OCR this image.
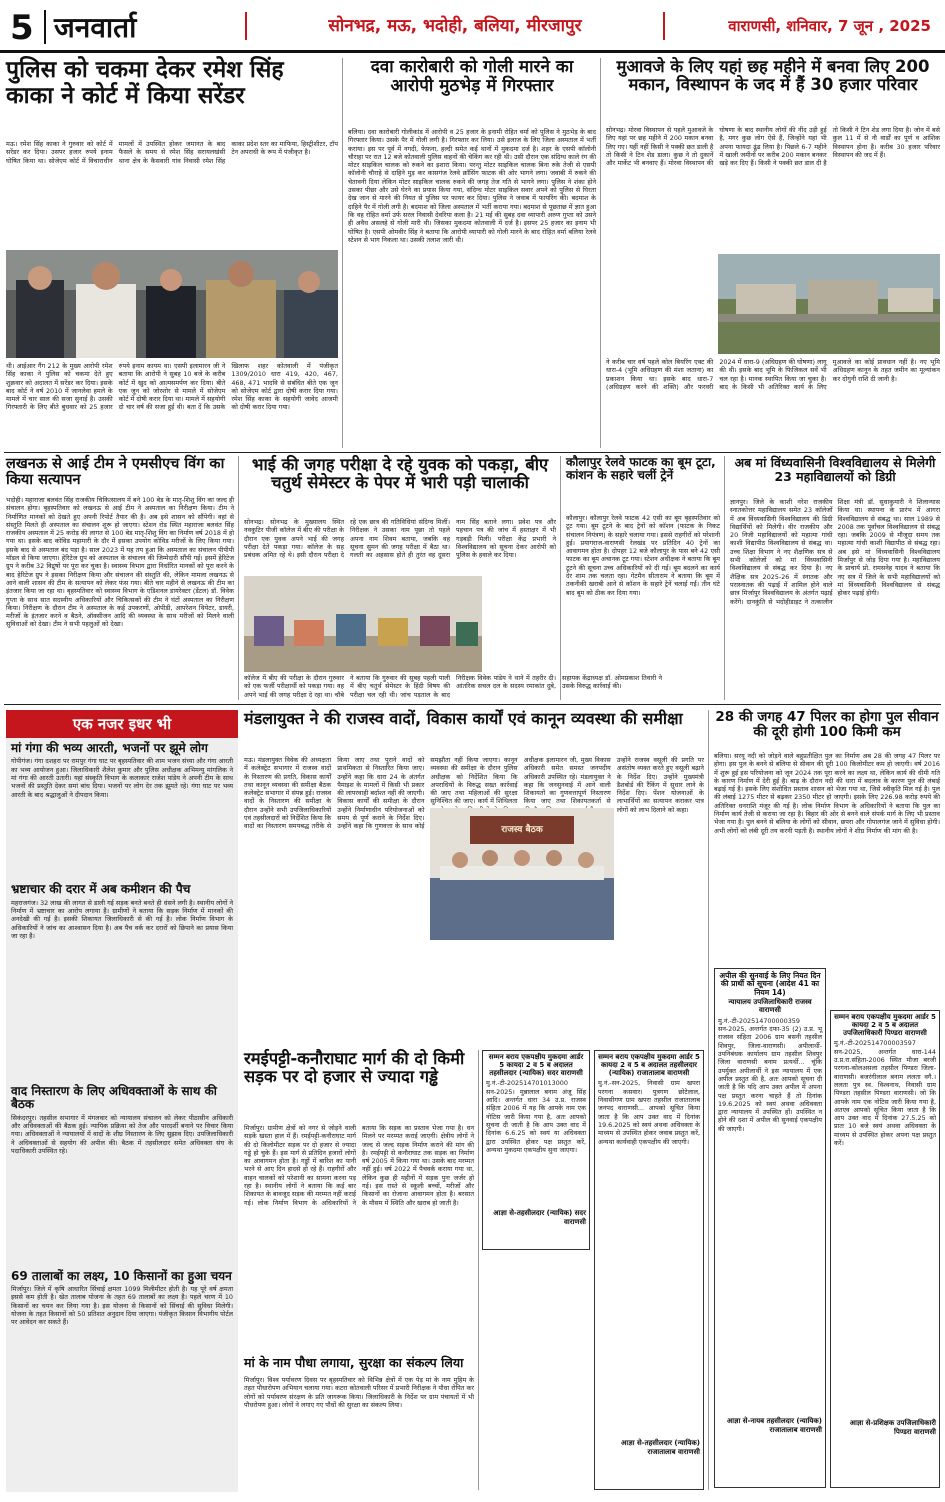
5 जनवार्ता	सोनभद्र, मऊ, भदोही, बलिया, मीरजापुर	वाराणसी, शनिवार, 7 जून , 2025
पुलिस को चकमा देकर रमेश सिंह काका ने कोर्ट में किया सरेंडर
मऊ। रमेश सिंह काका ने गुरुवार को कोर्ट में सरेंडर कर दिया। उसपर हजार रुपये इनाम घोषित किया था। सोजेएम कोर्ट में विचाराधीन मामलों में उपस्थित होकर जमानत के बाद फैसले के समय से रमेश सिंह सरायलखंसी थाना क्षेत्र के कैसवारी गांव निवासी रमेश सिंह काका प्रदेश स्तर का माफिया, हिस्ट्रीशीटर, टॉप टेन अपराधी के रूप में पंजीकृत है।
थी। आईआर गैंग 212 के मुख्य आरोपी रमेश सिंह काका ने पुलिस को चकमा देते हुए शुक्रवार को अदालत में सरेंडर कर दिया। इसके बाद कोर्ट ने वर्ष 2010 में जानलेवा हमले के मामले में चार साल की सजा सुनाई है। उसकी गिरफ्तारी के लिए बीते बुधवार को 25 हजार रुपये इनाम कायम था। एसपी इलामारन जी ने बताया कि आरोपी ने सुबह 10 बजे के करीब कोर्ट में खुद को आत्मसमर्पण कर दिया। बीते एक जून को जोरशोर से मामले में सोजेएम कोर्ट में दोषी करार दिया था। मामले में सहयोगी दो चार वर्ष की सजा हुई थी। बता दें कि उसके खिलाफ शहर कोतवाली में पंजीकृत 1309/2010 धारा 419, 420, 467, 468, 471 भादवि से संबंधित बीते एक जून को सोजेएम कोर्ट द्वारा दोषी करार दिया गया। रमेश सिंह काका के सहयोगी जावेद आजमी को दोषी करार दिया गया।
दवा कारोबारी को गोली मारने का आरोपी मुठभेड़ में गिरफ्तार
बलिया। दवा कारोबारी गोलीकांड में आरोपी व 25 हजार के इनामी रोहित वर्मा को पुलिस ने मुठभेड़ के बाद गिरफ्तार किया। उसके पैर में गोली लगी है। गिरफ्तार कर लिया। उसे इलाज के लिए जिला अस्पताल में भर्ती कराया। इस पर पूर्व में नगदी, फेफना, हल्दी समेत कई थानों में मुकदमा दर्ज है। शहर के एसपी कॉलोनी चौराहा पर रात 12 बजे कोतवाली पुलिस वाहनों की चेकिंग कर रही थी। उसी दौरान एक संदिग्ध काले रंग की मोटर साइकिल चालक को रुकने का इशारा किया। परन्तु मोटर साइकिल चालक बिना रुके तेजी से एसपी कॉलोनी चौराहे से दाहिने मुड़ कर कासगंज रेलवे क्रॉसिंग फाटक की ओर भागने लगा। जवाबी में रुकने की चेतावनी दिया लेकिन मोटर साइकिल चालक रुकने की जगह तेज गति से भागने लगा। पुलिस ने शंका होने उसका पीछा और उसे घेरने का प्रयास किया गया, संदिग्ध मोटर साइकिल सवार अपने को पुलिस से घिरता देख जान से मारने की नियत से पुलिस पर फायर कर दिया। पुलिस ने जवाब में फायरिंग की। बदमाश के दाहिने पैर में गोली लगी है। बदमाश को जिला अस्पताल में भर्ती कराया गया। बदमाश से पूछताछ में ज्ञात हुआ कि वह रोहित वर्मा उर्फ सरल निवासी देवरिया कला है। 21 मई की सुबह दवा व्यापारी अरुण गुप्ता को उसने ही अवैध असलहे से गोली मारी थी। जिसका मुकदमा कोतवाली में दर्ज है। इसपर 25 हजार का इनाम भी घोषित है। एसपी ओमवीर सिंह ने बताया कि आरोपी व्यापारी को गोली मारने के बाद रोहित वर्मा बलिया रेलवे स्टेशन से भाग निकला था। उसकी तलाश जारी थी।
मुआवजे के लिए यहां छह महीने में बनवा लिए 200 मकान, विस्थापन के जद में हैं 30 हजार परिवार
सोनभद्र। मोरवा विस्थापन से पहले मुआवजे के लिए यहां पर छह महीने में 200 मकान बनवा लिए गए। यहीं नहीं किसी ने पक्की छत डाली है तो किसी ने टिन शेड डाला। कुछ ने तो दुकानें और मार्केट भी बनवाए हैं। मोरवा विस्थापन की घोषणा के बाद स्थानीय लोगों की नींद उड़ी हुई है, मगर कुछ लोग ऐसे हैं, जिन्होंने यहां भी अपना फायदा ढूंढ लिया है। पिछले 6-7 महीने में खाली जमीनों पर करीब 200 मकान बनकर खड़े कर दिए हैं। किसी ने पक्की छत डाल दी है तो किसी ने टिन शेड लगा दिया है। जोन में बसे कुल 11 में से नौ वार्डों का पूर्ण व आंशिक विस्थापन होना है। करीब 30 हजार परिवार विस्थापन की जद में हैं।
ने करीब चार वर्ष पहले कोल बियरिंग एक्ट की धारा-4 (भूमि अधिग्रहण की मंशा जताना) का प्रकाशन किया था। इसके बाद धारा-7 (अधिग्रहण करने की शक्ति) और फरवरी 2024 में धारा-9 (अधिग्रहण की घोषणा) लागू की थी। इसके बाद भूमि के फिजिकल सर्वे भी चल रहा है। मानक स्थापित किया जा चुका है। बाद के किसी भी अतिरिक्त कार्य के लिए मुआवजे का कोई प्रावधान नहीं है। नए भूमि अधिग्रहण कानून के तहत जमीन का मूल्यांकन कर दोगुनी राशि दी जानी है।
लखनऊ से आई टीम ने एमसीएच विंग का किया सत्यापन
भदोही। महाराजा बलवंत सिंह राजकीय चिकित्सालय में बने 100 बेड के मातृ-शिशु विंग का जल्द ही संचालन होगा। बृहस्पतिवार को लखनऊ से आई टीम ने अस्पताल का निरीक्षण किया। टीम ने निर्माणित मानकों को देखते हुए अपनी रिपोर्ट तैयार की है। अब इसे शासन को सौंपेगी। वहां से संस्तुति मिलते ही अस्पताल का संचालन शुरू हो जाएगा। स्टेशन रोड स्थित महाराजा बलवंत सिंह राजकीय अस्पताल में 25 करोड़ की लागत से 100 बेड मातृ-शिशु विंग का निर्माण वर्ष 2018 में हो गया था। इसके बाद कोविड महामारी के दौर में इसका उपयोग कोविड मरीजों के लिए किया गया। इसके बाद से अस्पताल बंद पड़ा है। साल 2023 में यह तय हुआ कि अस्पताल का संचालन पीपीपी मॉडल से किया जाएगा। हेरिटेज ग्रुप को अस्पताल के संचालन की जिम्मेदारी सौंपी गई। इसमें हेरिटेज ग्रुप ने करीब 32 विद्रुषों पर पूरा कर चुका है। स्वास्थ्य विभाग द्वारा निर्धारित मानकों को पूरा करने के बाद हेरिटेज ग्रुप ने इसका निरीक्षण किया और संचालन की संस्तुति की, लेकिन मामला लखनऊ से आने वाली शासन की टीम के सत्यापन को लेकर फंस गया। बीते चार महीने से लखनऊ की टीम का इंतजार किया जा रहा था। बृहस्पतिवार को स्वास्थ्य विभाग के एडिशनल डायरेक्टर (डेंटल) डॉ. विवेक गुप्ता के साथ सात सदस्यीय अधिकारियों और चिकित्सकों की टीम ने घंटों अस्पताल का निरीक्षण किया। निरीक्षण के दौरान टीम ने अस्पताल के कई उपकरणों, ओपीडी, आपरेशन थियेटर, डायरी, मरीजों के इंतजार करने व बैठने, ऑक्सीजन आदि की व्यवस्था के साथ मरीजों को मिलने वाली सुविधाओं को देखा। टीम ने सभी पहलुओं को देखा।
भाई की जगह परीक्षा दे रहे युवक को पकड़ा, बीए चतुर्थ सेमेस्टर के पेपर में भारी पड़ी चालाकी
सोनभद्र। सोनभद्र के मुख्यालय स्थित नवकुटिर पीजी कॉलेज में बीए की परीक्षा के दौरान एक युवक अपने भाई की जगह परीक्षा देते पकड़ा गया। कॉलेज के सह प्रबंधक अमित रहे थे। इसी दौरान परीक्षा दे रहे एक छात्र की गतिविधियां संदिग्ध मिलीं। निरीक्षक ने उसका नाम पूछा तो पहले अपना नाम शिवम बताया, जबकि वह सूचना सुमन की जगह परीक्षा में बैठा था। गलती का अहसास होते ही तुरंत वह दूसरा नाम सिंह बताने लगा। प्रवेश पत्र और पहचान पत्र की जांच में हस्ताक्षर में भी गड़बड़ी मिली। परीक्षा केंद्र प्रभारी ने विश्वविद्यालय को सूचना देकर आरोपी को पुलिस के हवाले कर दिया।
कॉलेज में बीए की परीक्षा के दौरान गुरुवार को एक फर्जी परीक्षार्थी को पकड़ा गया। वह अपने भाई की जगह परीक्षा दे रहा था। चौबे ने बताया कि गुरुवार की सुबह पहली पाली में बीए चतुर्थ सेमेस्टर के हिंदी विषय की परीक्षा चल रही थी। जांच पड़ताल के बाद निरीक्षक विवेक पांडेय ने थाने में तहरीर दी। आंतरिक सचल दल के सदस्य रमाकांत दुबे, सहायक केंद्राध्यक्ष डॉ. ओमप्रकाश तिवारी ने उसके विरुद्ध कार्रवाई की।
कौलापुर रेलवे फाटक का बूम टूटा, कांशन के सहारे चलीं ट्रेनें
कौलापुर। कौलापुर रेलवे फाटक 42 एसी का बूम बृहस्पतिवार को टूट गया। बूम टूटने के बाद ट्रेनों को कॉशन (फाटक के निकट संचालन नियंत्रण) के सहारे चलाया गया। इससे राहगीरों को परेशानी हुई। प्रयागराज-वाराणसी रेलखंड पर प्रतिदिन 40 ट्रेनों का आवागमन होता है। दोपहर 12 बजे कौलापुर के पास बने 42 एसी फाटक का बूम अचानक टूट गया। स्टेशन अधीक्षक ने बताया कि बूम टूटने की सूचना उच्च अधिकारियों को दी गई। बूम बदलने का कार्य देर शाम तक चलता रहा। गेटमैन सीताराम ने बताया कि बूम में तकनीकी खराबी आने से कॉशन के सहारे ट्रेनें चलाई गईं। तीन घंटे बाद बूम को ठीक कर दिया गया।
अब मां विंध्यवासिनी विश्वविद्यालय से मिलेगी 23 महाविद्यालयों को डिग्री
ज्ञानपुर। जिले के काशी नरेश राजकीय स्नातकोत्तर महाविद्यालय समेत 23 कॉलेजों में अब विंध्यवासिनी विश्वविद्यालय की डिग्री विद्यार्थियों को मिलेगी। वीर राजकीय और 20 निजी महाविद्यालयों को महात्मा गांधी काशी विद्यापीठ विश्वविद्यालय से संबद्ध था। उच्च शिक्षा विभाग ने नए शैक्षणिक सत्र से सभी कॉलेजों को मां विंध्यवासिनी विश्वविद्यालय से संबद्ध कर दिया है। नए शैक्षिक सत्र 2025-26 में स्नातक और परास्नातक की पढ़ाई में शामिल होने वाले छात्र मिर्जापुर विश्वविद्यालय के अंतर्गत पढ़ाई करेंगे। दानकुंति से भदोहीडाइट ने तत्कालीन शिक्षा मंत्री डॉ. सुधाकुमारी ने शिलान्यास किया था। स्थापना के प्रारंभ में आगरा विश्वविद्यालय से संबद्ध था। साल 1989 से 2008 तक पूर्वांचल विश्वविद्यालय से संबद्ध रहा। जबकि 2009 से मौजूदा समय तक महात्मा गांधी काशी विद्यापीठ से संबद्ध रहा। अब इसे मां विंध्यवासिनी विश्वविद्यालय मिर्जापुर से जोड़ दिया गया है। महाविद्यालय के प्राचार्य प्रो. रामसनेह यादव ने बताया कि नए सत्र में जिले के सभी महाविद्यालयों को मां विंध्यवासिनी विश्वविद्यालय से संबद्ध होकर पढ़ाई होगी।
एक नजर इधर भी
मां गंगा की भव्य आरती, भजनों पर झूमे लोग
गोपीगंज। गंगा दशहरा पर रामपुर गंगा घाट पर बृहस्पतिवार की शाम भजन संध्या और गंगा आरती का भव्य आयोजन हुआ। जिलाधिकारी शैलेश कुमार और पुलिस अधीक्षक अभिमन्यु मांगलिक ने मां गंगा की आरती उतारी। यहां संस्कृति विभाग के कलाकार राजेश पांडेय ने अपनी टीम के साथ भजनों की प्रस्तुति देकर समां बांध दिया। भजनों पर लोग देर तक झूमते रहे। गंगा घाट पर भव्य आरती के बाद श्रद्धालुओं ने दीपदान किया।
भ्रष्टाचार की दरार में अब कमीशन की पैच
महराजगंज। 32 लाख की लागत से डाली गई सड़क बनते बनते ही धंसने लगी है। स्थानीय लोगों ने निर्माण में भ्रष्टाचार का आरोप लगाया है। ग्रामीणों ने बताया कि सड़क निर्माण में मानकों की अनदेखी की गई है। इसकी शिकायत जिलाधिकारी से की गई है। लोक निर्माण विभाग के अधिकारियों ने जांच का आश्वासन दिया है। अब पैच वर्क कर दरारों को छिपाने का प्रयास किया जा रहा है।
वाद निस्तारण के लिए अधिवक्ताओं के साथ की बैठक
सिकंदरपुर। तहसील सभागार में मंगलवार को न्यायालय संचालन को लेकर पीठासीन अधिकारी और अधिवक्ताओं की बैठक हुई। न्यायिक प्रक्रिया को तेज और पारदर्शी बनाने पर विचार किया गया। अधिवक्ताओं ने न्यायालयों में वादों के शीघ्र निस्तारण के लिए सुझाव दिए। उपजिलाधिकारी ने अधिवक्ताओं से सहयोग की अपील की। बैठक में तहसीलदार समेत अधिवक्ता संघ के पदाधिकारी उपस्थित रहे।
69 तालाबों का लक्ष्य, 10 किसानों का हुआ चयन
मिर्जापुर। जिले में कृषि आधारित सिंचाई क्षमता 1099 मिलीमीटर होती है। यह पूरे वर्ष क्षमता इससे कम होती है। खेत तालाब योजना के तहत 69 तालाबों का लक्ष्य है। पहले चरण में 10 किसानों का चयन कर लिया गया है। इस योजना से किसानों को सिंचाई की सुविधा मिलेगी। योजना के तहत किसानों को 50 प्रतिशत अनुदान दिया जाएगा। पंजीकृत किसान विभागीय पोर्टल पर आवेदन कर सकते हैं।
मंडलायुक्त ने की राजस्व वादों, विकास कार्यों एवं कानून व्यवस्था की समीक्षा
मऊ। मंडलायुक्त विवेक की अध्यक्षता में कलेक्ट्रेट सभागार में राजस्व वादों के निस्तारण की प्रगति, विकास कार्यों तथा कानून व्यवस्था की समीक्षा बैठक कलेक्ट्रेट सभागार में संपन्न हुई। राजस्व वादों के निस्तारण की समीक्षा के दौरान उन्होंने सभी उपजिलाधिकारियों एवं तहसीलदारों को निर्देशित किया कि वादों का निस्तारण समयबद्ध तरीके से किया जाए तथा पुराने वादों को प्राथमिकता से निस्तारित किया जाए। उन्होंने कहा कि धारा 24 के अंतर्गत पैमाइश के मामलों में किसी भी प्रकार की लापरवाही बर्दाश्त नहीं की जाएगी। विकास कार्यों की समीक्षा के दौरान उन्होंने निर्माणाधीन परियोजनाओं को समय से पूर्ण कराने के निर्देश दिए। उन्होंने कहा कि गुणवत्ता के साथ कोई समझौता नहीं किया जाएगा। कानून व्यवस्था की समीक्षा के दौरान पुलिस अधीक्षक को निर्देशित किया कि अपराधियों के विरुद्ध सख्त कार्रवाई की जाए तथा महिलाओं की सुरक्षा सुनिश्चित की जाए। कार्य में शिथिलता अधीक्षक इलामारन जी, मुख्य विकास अधिकारी समेत समस्त जनपदीय अधिकारी उपस्थित रहे। मंडलायुक्त ने कहा कि जनसुनवाई में आने वाली शिकायतों का गुणवत्तापूर्ण निस्तारण किया जाए तथा शिकायतकर्ता से उन्होंने राजस्व वसूली की प्रगति पर असंतोष व्यक्त करते हुए वसूली बढ़ाने के निर्देश दिए। उन्होंने मुख्यमंत्री डैशबोर्ड की रैंकिंग में सुधार लाने के निर्देश दिए। पेंशन योजनाओं के लाभार्थियों का सत्यापन कराकर पात्र लोगों को लाभ दिलाने को कहा।
राजस्व बैठक
28 की जगह 47 पिलर का होगा पुल सीवान की दूरी होगी 100 किमी कम
बलिया। सरयू नदी को जोड़ने वाले बहुप्रतीक्षित पुल का निर्माण अब 28 की जगह 47 पिलर पर होगा। इस पुल के बनने से बलिया से सीवान की दूरी 100 किलोमीटर कम हो जाएगी। वर्ष 2016 में शुरू हुई इस परियोजना को जून 2024 तक पूरा करने का लक्ष्य था, लेकिन कार्य की धीमी गति के कारण निर्माण में देरी हुई है। बाढ़ के दौरान नदी की धारा में बदलाव के कारण पुल की लंबाई बढ़ाई गई है। इसके लिए संशोधित प्रस्ताव शासन को भेजा गया था, जिसे स्वीकृति मिल गई है। पुल की लंबाई 1275 मीटर से बढ़कर 2350 मीटर हो जाएगी। इसके लिए 226.98 करोड़ रुपये की अतिरिक्त धनराशि मंजूर की गई है। लोक निर्माण विभाग के अधिकारियों ने बताया कि पुल का निर्माण कार्य तेजी से कराया जा रहा है। बिहार की ओर से बनने वाले संपर्क मार्ग के लिए भी प्रस्ताव भेजा गया है। पुल बनने से बलिया के लोगों को सीवान, छपरा और गोपालगंज जाने में सुविधा होगी। अभी लोगों को लंबी दूरी तय करनी पड़ती है। स्थानीय लोगों ने शीघ्र निर्माण की मांग की है।
रमईपट्टी-कनौराघाट मार्ग की दो किमी सड़क पर दो हजार से ज्यादा गड्ढे
मिर्जापुर। ग्रामीण क्षेत्रों को नगर से जोड़ने वाली सड़कें खस्ता हाल में हैं। रमईपट्टी-कनौराघाट मार्ग की दो किलोमीटर सड़क पर दो हजार से ज्यादा गड्ढे हो चुके हैं। इस मार्ग से प्रतिदिन हजारों लोगों का आवागमन होता है। गड्ढों में बारिश का पानी भरने से आए दिन हादसे हो रहे हैं। राहगीरों और वाहन चालकों को परेशानी का सामना करना पड़ रहा है। स्थानीय लोगों ने बताया कि कई बार शिकायत के बावजूद सड़क की मरम्मत नहीं कराई गई। लोक निर्माण विभाग के अधिकारियों ने बताया कि सड़क का प्रस्ताव भेजा गया है। धन मिलने पर मरम्मत कराई जाएगी। क्षेत्रीय लोगों ने जल्द से जल्द सड़क निर्माण कराने की मांग की है। रमईपट्टी से कनौराघाट तक सड़क का निर्माण वर्ष 2005 में किया गया था। उसके बाद मरम्मत नहीं हुई। वर्ष 2022 में पैचवर्क कराया गया था, लेकिन कुछ ही महीनों में सड़क पुनः जर्जर हो गई। इस रास्ते से स्कूली बच्चों, मरीजों और किसानों का रोजाना आवागमन होता है। बरसात के मौसम में स्थिति और खराब हो जाती है।
मां के नाम पौधा लगाया, सुरक्षा का संकल्प लिया
मिर्जापुर। विश्व पर्यावरण दिवस पर बृहस्पतिवार को विभिन्न क्षेत्रों में एक पेड़ मां के नाम मुहिम के तहत पौधारोपण अभियान चलाया गया। कटरा कोतवाली परिसर में प्रभारी निरीक्षक ने पौधा रोपित कर लोगों को पर्यावरण संरक्षण के प्रति जागरूक किया। जिलाधिकारी के निर्देश पर ग्राम पंचायतों में भी पौधरोपण हुआ। लोगों ने लगाए गए पौधों की सुरक्षा का संकल्प लिया।
सम्मन बराय एकपक्षीय मुकदमा आर्डर 5 कायदा 2 व 5 ब अदालत तहसीलदार (न्यायिक) सदर वाराणसी
मु.नं.-टी-202514701013000 सन-2025। मुन्नालाल बनाम अंजू सिंह आदि। अन्तर्गत धारा 34 उ.प्र. राजस्व संहिता 2006 में यह कि आपके नाम एक नोटिस जारी किया गया है, अतः आपको सूचना दी जाती है कि आप उक्त वाद में दिनांक 6.6.25 को स्वयं या अधिवक्ता द्वारा उपस्थित होकर पक्ष प्रस्तुत करें, अन्यथा मुकदमा एकपक्षीय सुना जाएगा।
आज्ञा से-तहसीलदार (न्यायिक) सदर वाराणसी
सम्मन बराय एकपक्षीय मुकदमा आर्डर 5 कायदा 2 व 5 ब अदालत तहसीलदार (न्यायिक) राजातालाब वाराणसी
मु.नं.-सन-2025, निवासी ग्राम खपरा परगना कसवार। पुत्रगण छोटेलाल, निवासीगण ग्राम खपरा तहसील राजातालाब जनपद वाराणसी... आपको सूचित किया जाता है कि आप उक्त वाद में दिनांक 19.6.2025 को स्वयं अथवा अधिवक्ता के माध्यम से उपस्थित होकर जवाब प्रस्तुत करें, अन्यथा कार्यवाही एकपक्षीय की जाएगी।
आज्ञा से-तहसीलदार (न्यायिक) राजातालाब वाराणसी
अपील की सुनवाई के लिए नियत दिन की प्रार्थी को सूचना (आदेश 41 का नियम 14)
न्यायालय उपजिलाधिकारी राजस्व वाराणसी
मु.नं.-टी-202514700000359 सन-2025, अन्तर्गत दफा-35 (2) उ.प्र. भू राजस्व संहिता 2006 ग्राम बसनी तहसील शिवपुर, जिला-वाराणसी। अपीलार्थी-उपनिबंधक कार्यालय ग्राम तहसील शिवपुर जिला वाराणसी बनाम प्रत्यर्थी... चूंकि उपर्युक्त अपीलार्थी ने इस न्यायालय में एक अपील प्रस्तुत की है, अतः आपको सूचना दी जाती है कि यदि आप उक्त अपील में अपना पक्ष प्रस्तुत करना चाहते हैं तो दिनांक 19.6.2025 को स्वयं अथवा अधिवक्ता द्वारा न्यायालय में उपस्थित हों। उपस्थित न होने की दशा में अपील की सुनवाई एकपक्षीय की जाएगी।
आज्ञा से-नायब तहसीलदार (न्यायिक) राजातालाब वाराणसी
सम्मन बराय एकपक्षीय मुकदमा आर्डर 5 कायदा 2 व 5 ब अदालत उपजिलाधिकारी पिण्डरा वाराणसी
मु.नं.-टी-202514700003597 सन-2025, अन्तर्गत धारा-144 उ.प्र.रा.संहिता-2006 स्थित मौजा बरजी परगना-कोलअसला तहसील पिण्डरा जिला-वाराणसी। बजरंगीलाल बनाम ललता वगै.। ललता पुत्र स्व. विश्वनाथ, निवासी ग्राम पिण्डरा तहसील पिण्डरा वाराणसी। जो कि आपके नाम एक नोटिस जारी किया गया है, अतएव आपको सूचित किया जाता है कि आप उक्त वाद में दिनांक 27.5.25 को प्रातः 10 बजे स्वयं अथवा अधिवक्ता के माध्यम से उपस्थित होकर अपना पक्ष प्रस्तुत करें।
आज्ञा से-प्रशिक्षक उपजिलाधिकारी पिण्डरा वाराणसी
